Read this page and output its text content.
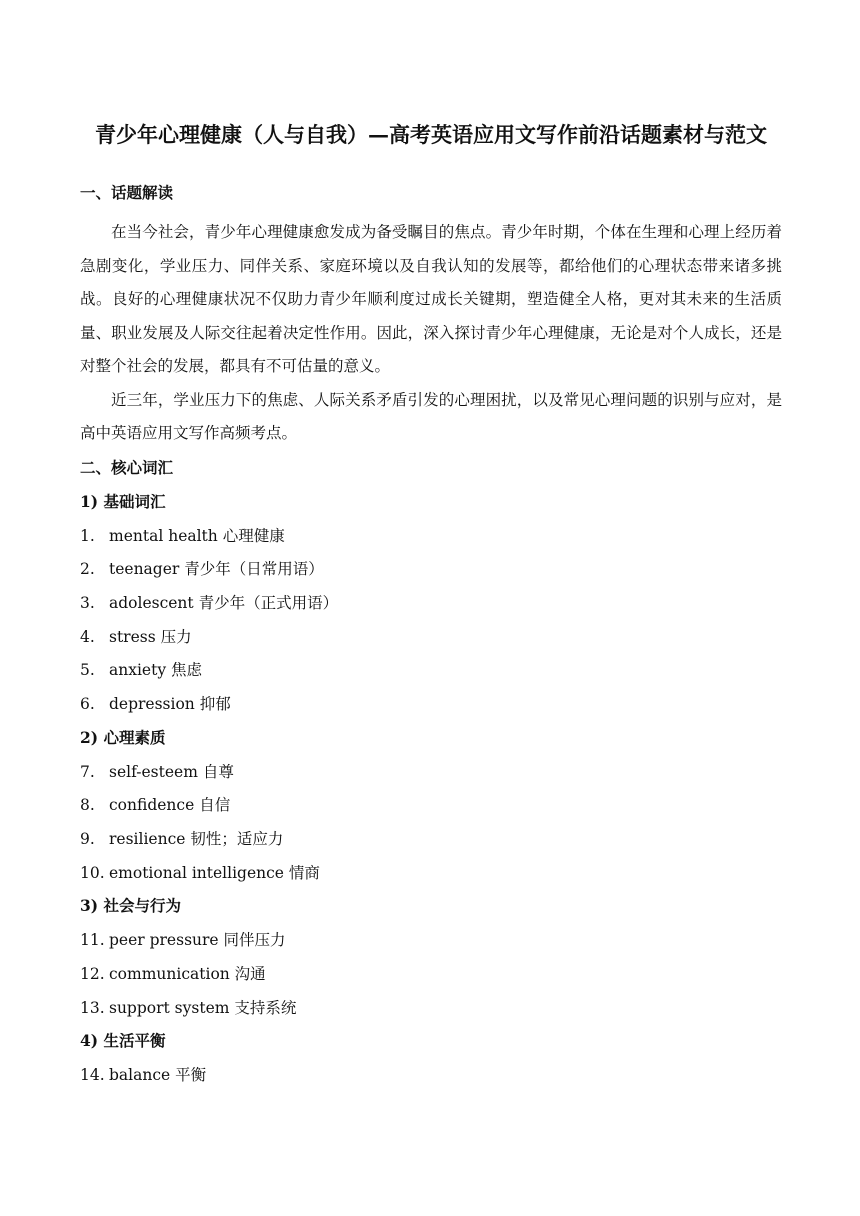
青少年心理健康（人与自我）—高考英语应用文写作前沿话题素材与范文
一、话题解读

在当今社会，青少年心理健康愈发成为备受瞩目的焦点。青少年时期，个体在生理和心理上经历着急剧变化，学业压力、同伴关系、家庭环境以及自我认知的发展等，都给他们的心理状态带来诸多挑战。良好的心理健康状况不仅助力青少年顺利度过成长关键期，塑造健全人格，更对其未来的生活质量、职业发展及人际交往起着决定性作用。因此，深入探讨青少年心理健康，无论是对个人成长，还是对整个社会的发展，都具有不可估量的意义。

近三年，学业压力下的焦虑、人际关系矛盾引发的心理困扰，以及常见心理问题的识别与应对，是高中英语应用文写作高频考点。

二、核心词汇
1) 基础词汇
1. mental health 心理健康
2. teenager 青少年（日常用语）
3. adolescent 青少年（正式用语）
4. stress 压力
5. anxiety 焦虑
6. depression 抑郁
2) 心理素质
7. self-esteem 自尊
8. confidence 自信
9. resilience 韧性；适应力
10. emotional intelligence 情商
3) 社会与行为
11. peer pressure 同伴压力
12. communication 沟通
13. support system 支持系统
4) 生活平衡
14. balance 平衡
